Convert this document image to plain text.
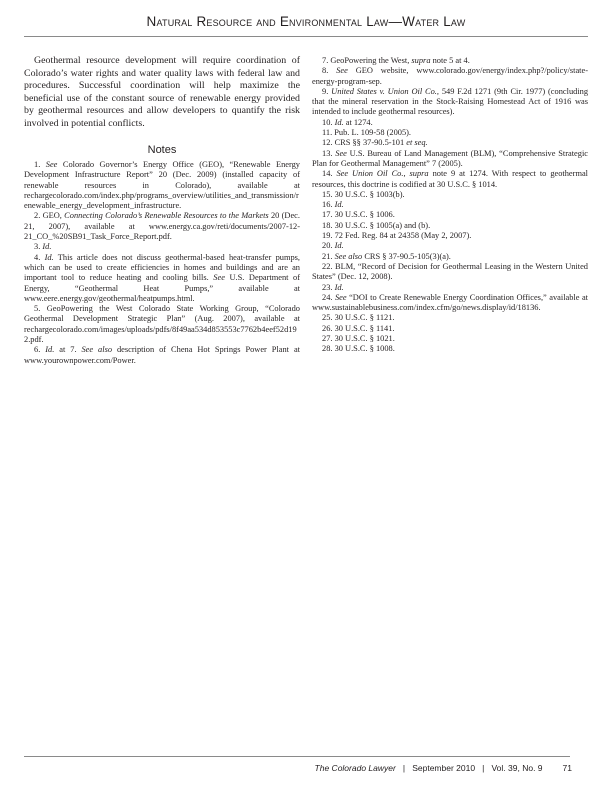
Natural Resource and Environmental Law—Water Law

Geothermal resource development will require coordination of Colorado’s water rights and water quality laws with federal law and procedures. Successful coordination will help maximize the beneficial use of the constant source of renewable energy provided by geothermal resources and allow developers to quantify the risk involved in potential conflicts.

Notes

1. See Colorado Governor’s Energy Office (GEO), “Renewable Energy Development Infrastructure Report” 20 (Dec. 2009) (installed capacity of renewable resources in Colorado), available at rechargecolorado.com/index.php/programs_overview/utilities_and_transmission/renewable_energy_development_infrastructure.

2. GEO, Connecting Colorado’s Renewable Resources to the Markets 20 (Dec. 21, 2007), available at www.energy.ca.gov/reti/documents/2007-12-21_CO_%20SB91_Task_Force_Report.pdf.

3. Id.

4. Id. This article does not discuss geothermal-based heat-transfer pumps, which can be used to create efficiencies in homes and buildings and are an important tool to reduce heating and cooling bills. See U.S. Department of Energy, “Geothermal Heat Pumps,” available at www.eere.energy.gov/geothermal/heatpumps.html.

5. GeoPowering the West Colorado State Working Group, “Colorado Geothermal Development Strategic Plan” (Aug. 2007), available at rechargecolorado.com/images/uploads/pdfs/8f49aa534d853553c7762b4eef52d192.pdf.

6. Id. at 7. See also description of Chena Hot Springs Power Plant at www.yourownpower.com/Power.

7. GeoPowering the West, supra note 5 at 4.

8. See GEO website, www.colorado.gov/energy/index.php?/policy/state-energy-program-sep.

9. United States v. Union Oil Co., 549 F.2d 1271 (9th Cir. 1977) (concluding that the mineral reservation in the Stock-Raising Homestead Act of 1916 was intended to include geothermal resources).

10. Id. at 1274.

11. Pub. L. 109-58 (2005).

12. CRS §§ 37-90.5-101 et seq.

13. See U.S. Bureau of Land Management (BLM), “Comprehensive Strategic Plan for Geothermal Management” 7 (2005).

14. See Union Oil Co., supra note 9 at 1274. With respect to geothermal resources, this doctrine is codified at 30 U.S.C. § 1014.

15. 30 U.S.C. § 1003(b).

16. Id.

17. 30 U.S.C. § 1006.

18. 30 U.S.C. § 1005(a) and (b).

19. 72 Fed. Reg. 84 at 24358 (May 2, 2007).

20. Id.

21. See also CRS § 37-90.5-105(3)(a).

22. BLM, “Record of Decision for Geothermal Leasing in the Western United States” (Dec. 12, 2008).

23. Id.

24. See “DOI to Create Renewable Energy Coordination Offices,” available at www.sustainablebusiness.com/index.cfm/go/news.display/id/18136.

25. 30 U.S.C. § 1121.

26. 30 U.S.C. § 1141.

27. 30 U.S.C. § 1021.

28. 30 U.S.C. § 1008.

The Colorado Lawyer | September 2010 | Vol. 39, No. 9 71
